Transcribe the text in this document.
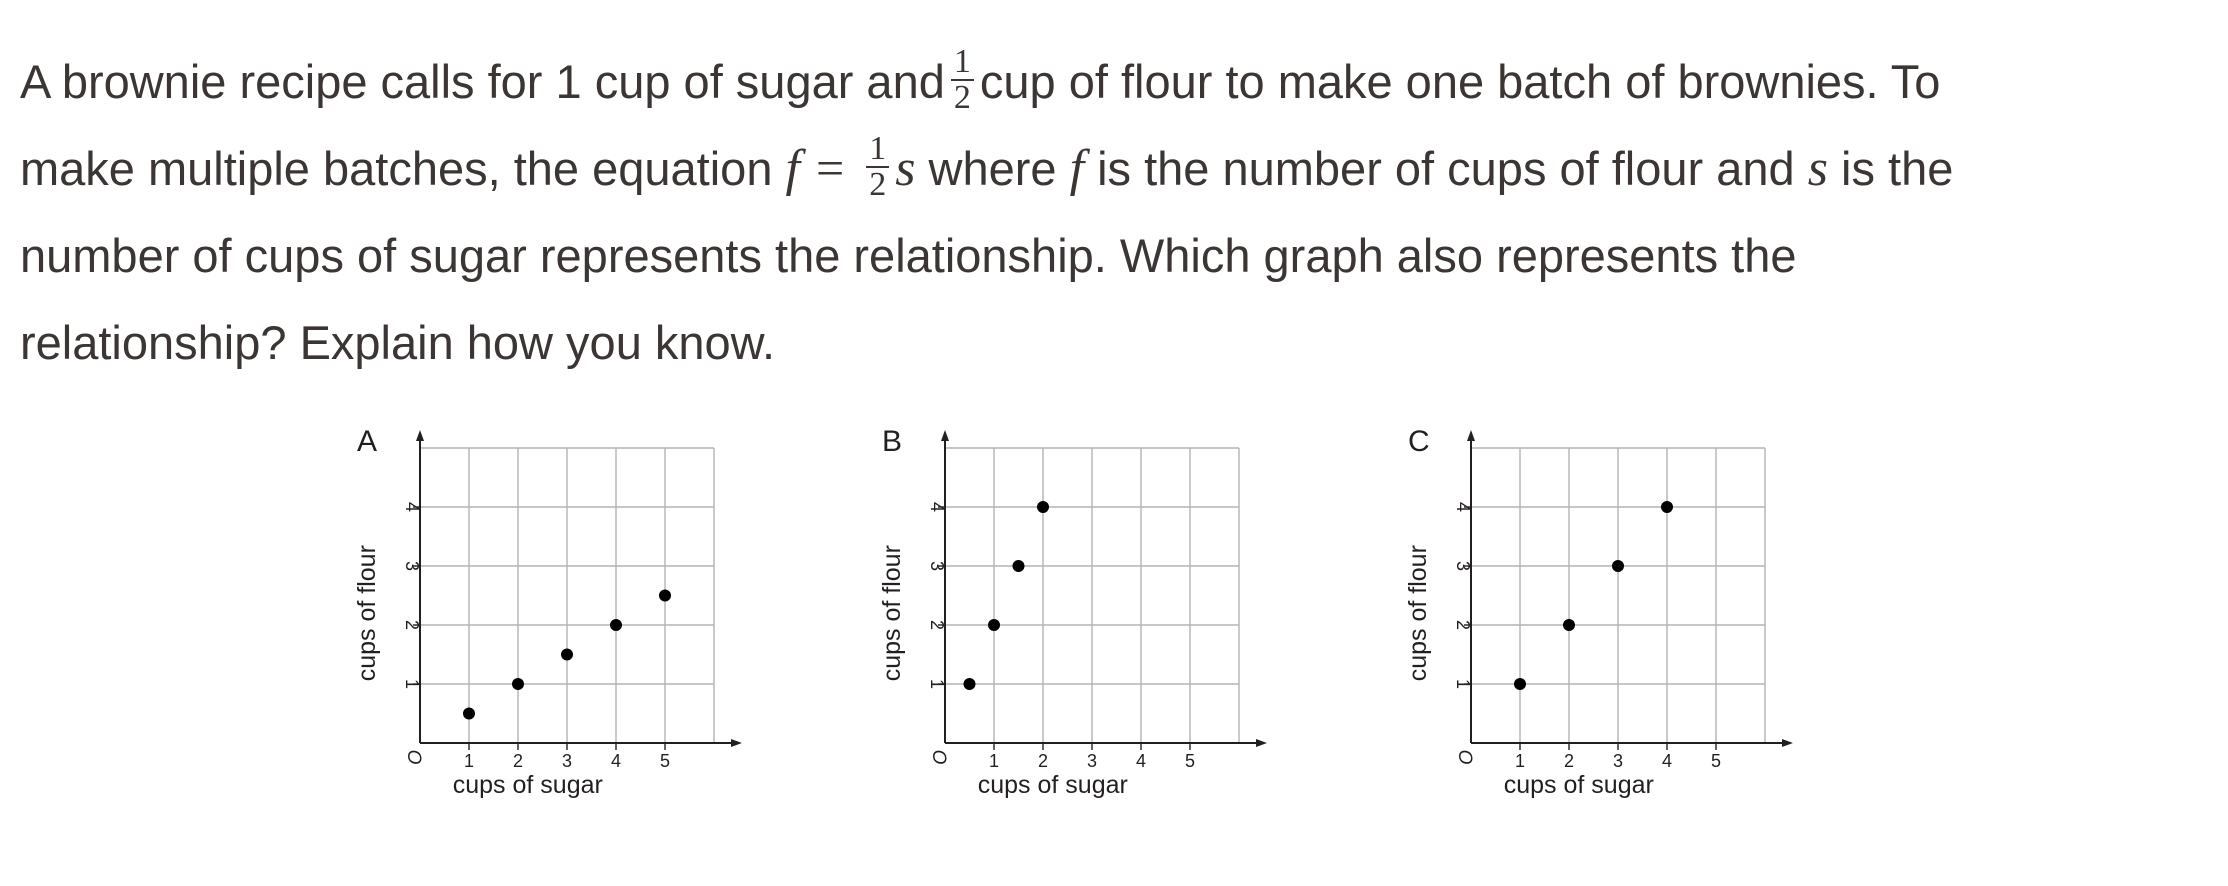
A brownie recipe calls for 1 cup of sugar and $\frac{1}{2}$ cup of flour to make one batch of brownies. To
make multiple batches, the equation $f = \frac{1}{2}$ s where f is the number of cups of flour and s is the
number of cups of sugar represents the relationship. Which graph also represents the
relationship? Explain how you know.
A
1 2 3 4 5
1
2
3
4
O
cups of sugar
cups of flour
B
1 2 3 4 5
1
2
3
4
O
cups of sugar
cups of flour
C
1 2 3 4 5
1
2
3
4
O
cups of sugar
cups of flour
